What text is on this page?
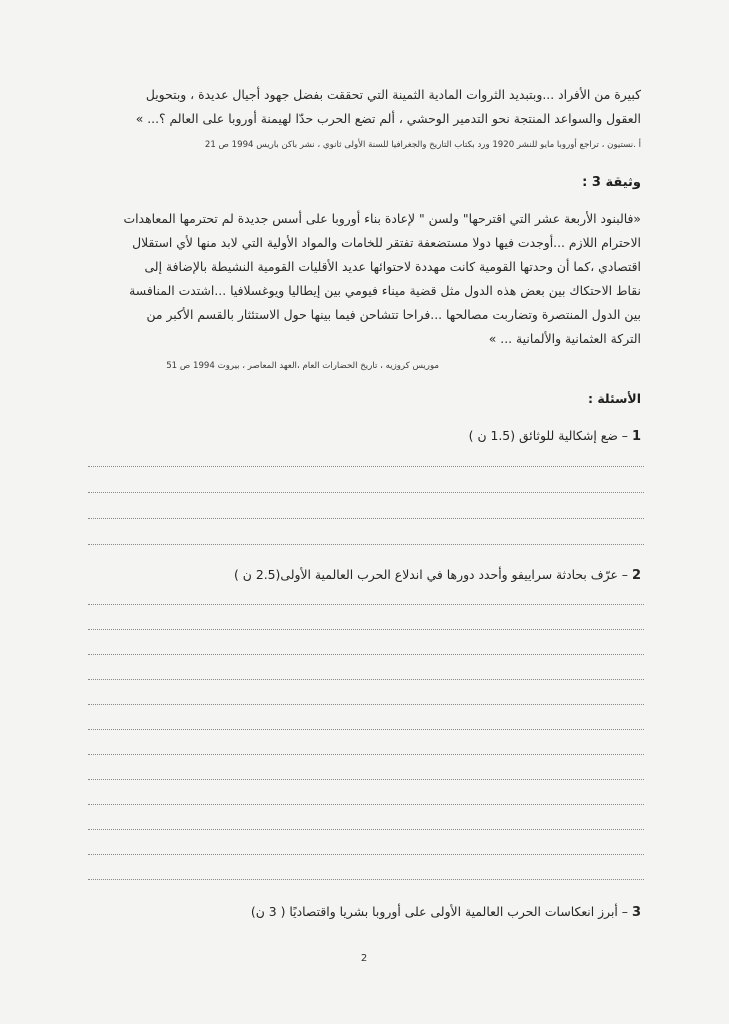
كبيرة من الأفراد ...وبتبديد الثروات المادية الثمينة التي تحققت بفضل جهود أجيال عديدة ، وبتحويل
العقول والسواعد المنتجة نحو التدمير الوحشي ، ألم تضع الحرب حدّا لهيمنة أوروبا على العالم ؟... »
أ .نستيون ، تراجع أوروبا مايو للنشر 1920 ورد بكتاب التاريخ والجغرافيا للسنة الأولى ثانوي ، نشر باكن باريس 1994 ص 21
وثيقة 3 :
«فالبنود الأربعة عشر التي اقترحها" ولسن " لإعادة بناء أوروبا على أسس جديدة لم تحترمها المعاهدات
الاحترام اللازم ...أوجدت فيها دولا مستضعفة تفتقر للخامات والمواد الأولية التي لابد منها لأي استقلال
اقتصادي ،كما أن وحدتها القومية كانت مهددة لاحتوائها عديد الأقليات القومية النشيطة بالإضافة إلى
نقاط الاحتكاك بين بعض هذه الدول مثل قضية ميناء فيومي بين إيطاليا ويوغسلافيا ...اشتدت المنافسة
بين الدول المنتصرة وتضاربت مصالحها ...فراحا تتشاحن فيما بينها حول الاستئثار بالقسم الأكبر من
التركة العثمانية والألمانية ... »
موريس كروزيه ، تاريخ الحضارات العام ،العهد المعاصر ، بيروت 1994 ص 51
الأسئلة :
1 – ضع إشكالية للوثائق (1.5 ن )
2 – عرّف بحادثة سراييفو وأحدد دورها في اندلاع الحرب العالمية الأولى(2.5 ن )
3 – أبرز انعكاسات الحرب العالمية الأولى على أوروبا بشريا واقتصاديًا ( 3 ن)
2
